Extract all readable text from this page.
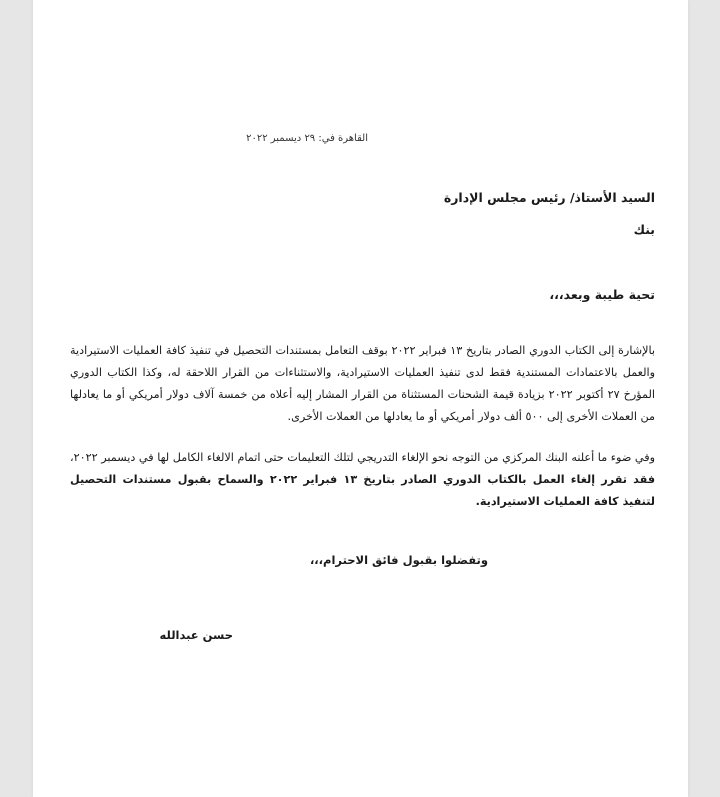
القاهرة في: ٢٩ ديسمبر ٢٠٢٢
السيد الأستاذ/ رئيس مجلس الإدارة
بنك
تحية طيبة وبعد،،،
بالإشارة إلى الكتاب الدوري الصادر بتاريخ ١٣ فبراير ٢٠٢٢ بوقف التعامل بمستندات التحصيل في تنفيذ كافة العمليات الاستيرادية والعمل بالاعتمادات المستندية فقط لدى تنفيذ العمليات الاستيرادية، والاستثناءات من القرار اللاحقة له، وكذا الكتاب الدوري المؤرخ ٢٧ أكتوبر ٢٠٢٢ بزيادة قيمة الشحنات المستثناة من القرار المشار إليه أعلاه من خمسة آلاف دولار أمريكي أو ما يعادلها من العملات الأخرى إلى ٥٠٠ ألف دولار أمريكي أو ما يعادلها من العملات الأخرى.
وفي ضوء ما أعلنه البنك المركزي من التوجه نحو الإلغاء التدريجي لتلك التعليمات حتى اتمام الالغاء الكامل لها في ديسمبر ٢٠٢٢، فقد تقرر إلغاء العمل بالكتاب الدوري الصادر بتاريخ ١٣ فبراير ٢٠٢٢ والسماح بقبول مستندات التحصيل لتنفيذ كافة العمليات الاستيرادية.
وتفضلوا بقبول فائق الاحترام،،،
حسن عبدالله
